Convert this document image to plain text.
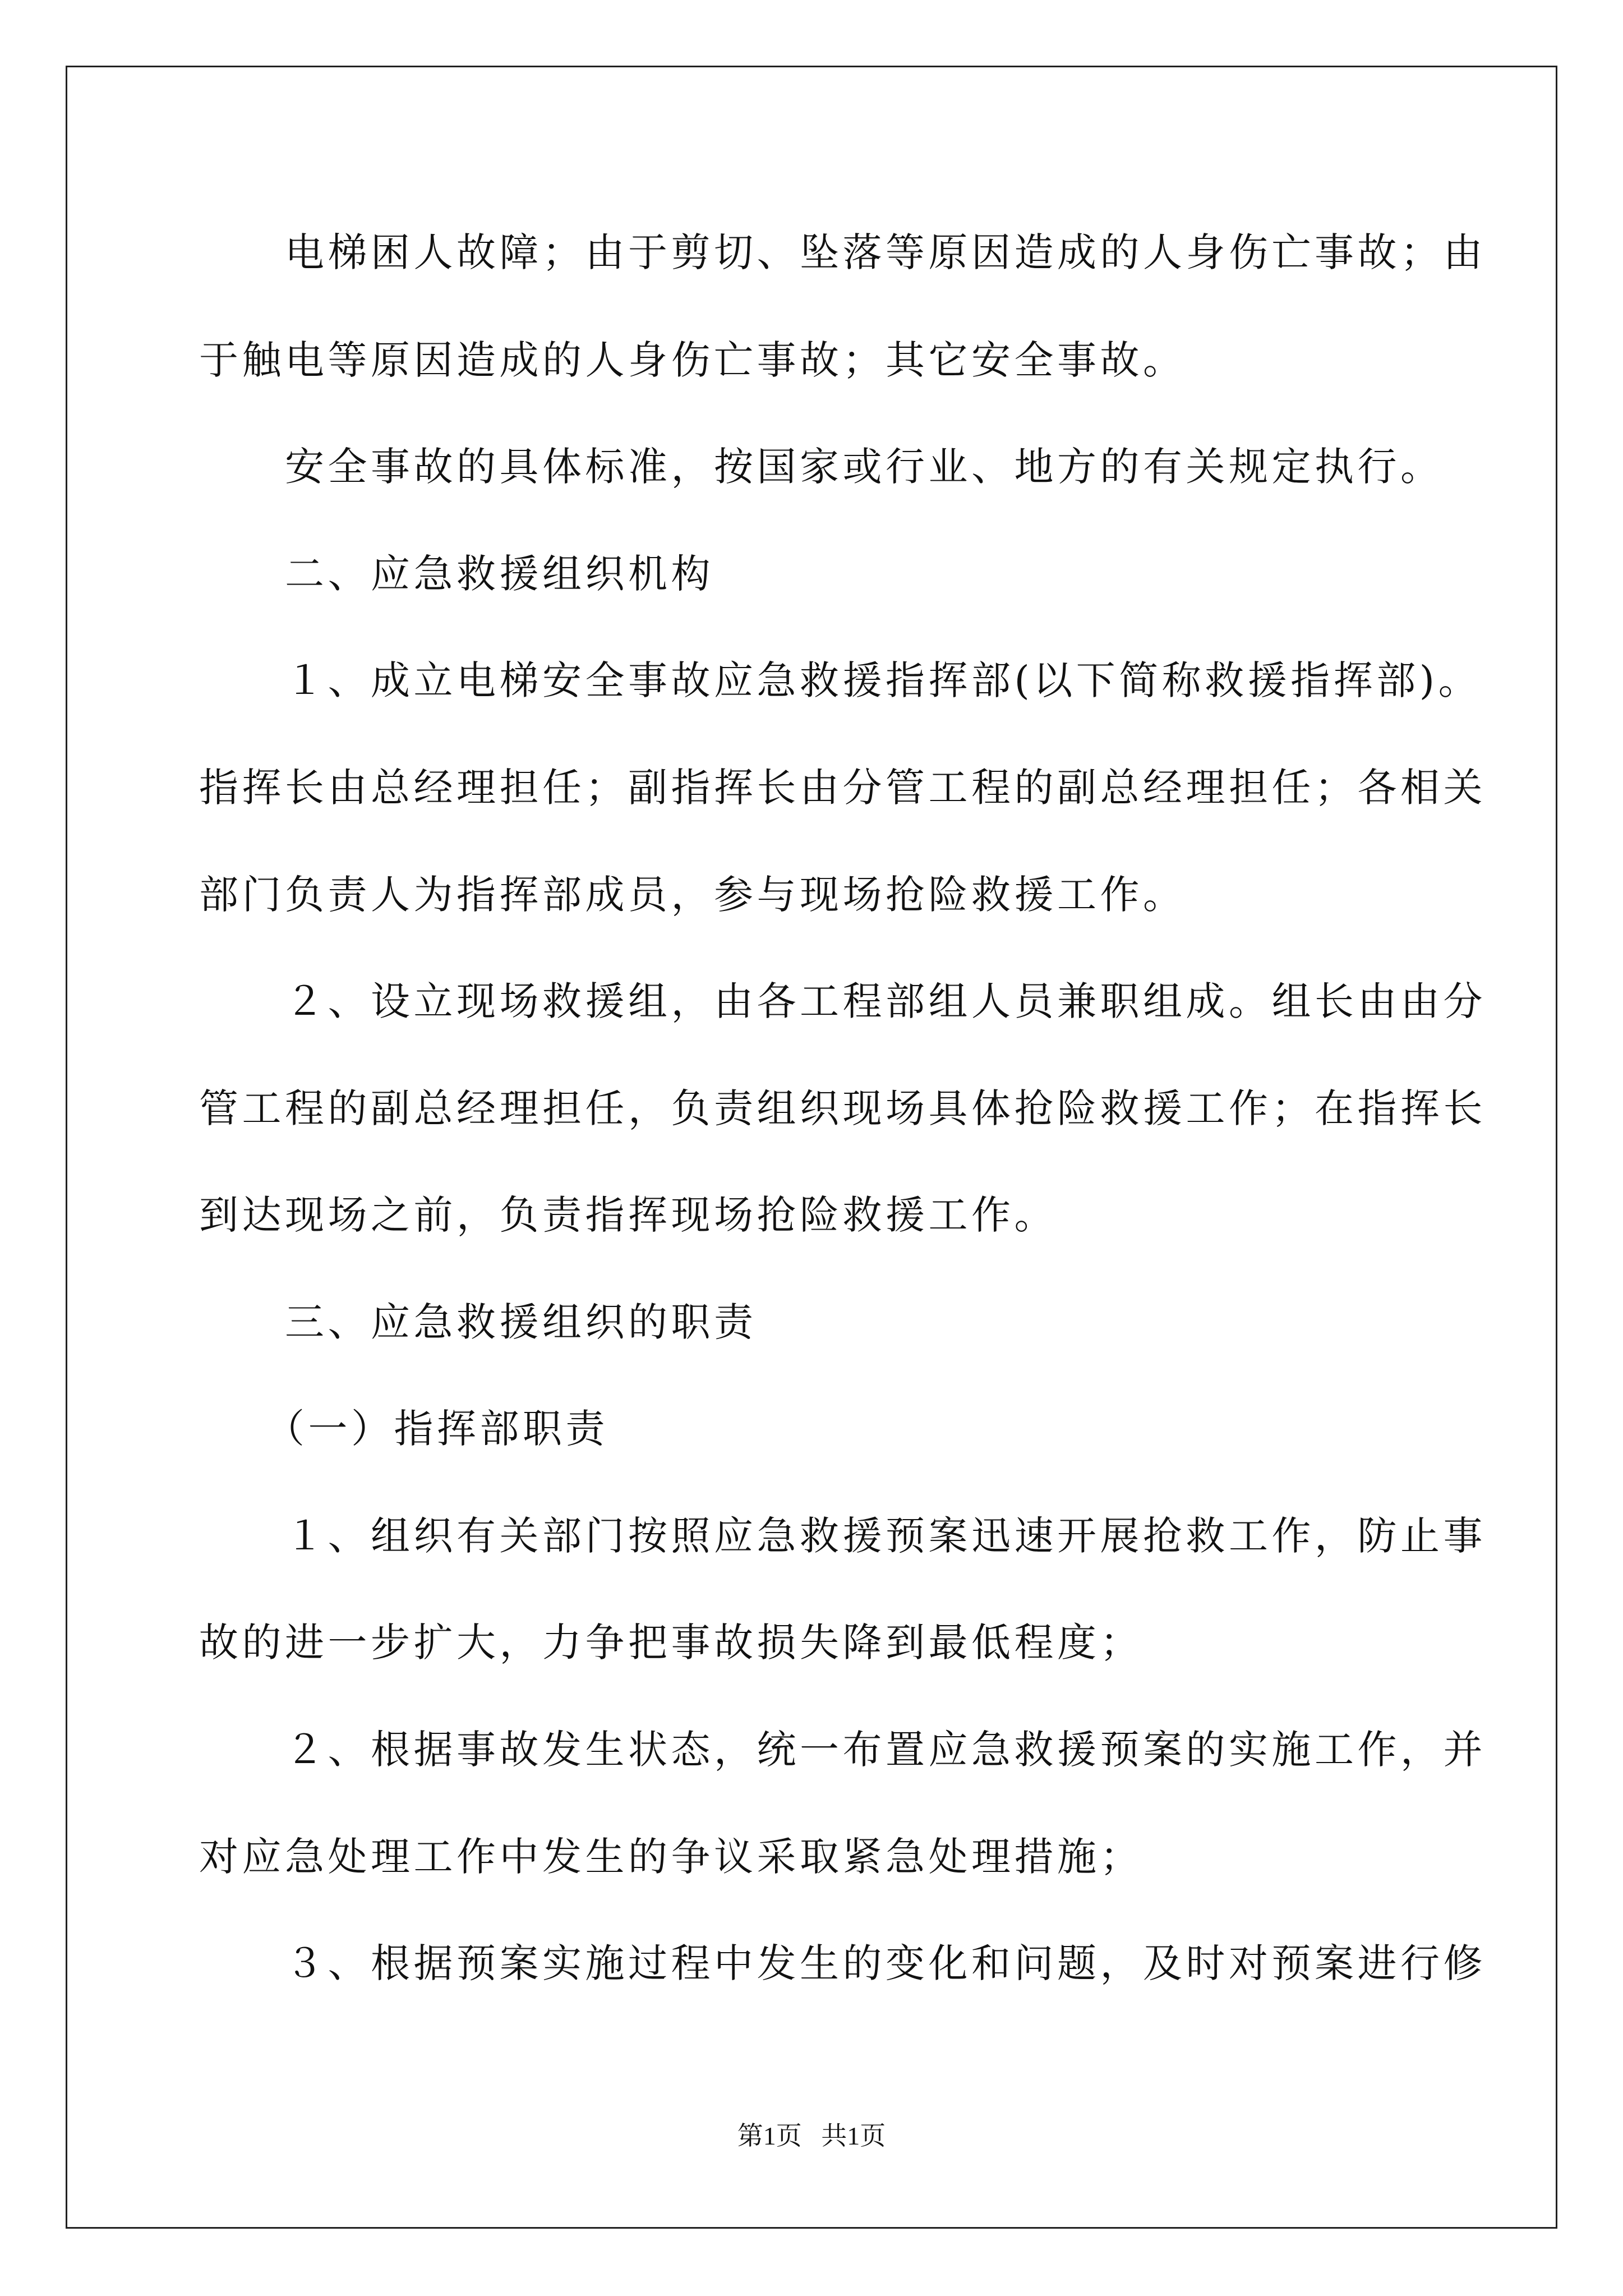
　　电梯困人故障；由于剪切、坠落等原因造成的人身伤亡事故；由
于触电等原因造成的人身伤亡事故；其它安全事故。
　　安全事故的具体标准，按国家或行业、地方的有关规定执行。
　　二、应急救援组织机构
　　１、成立电梯安全事故应急救援指挥部(以下简称救援指挥部)。
指挥长由总经理担任；副指挥长由分管工程的副总经理担任；各相关
部门负责人为指挥部成员，参与现场抢险救援工作。
　　２、设立现场救援组，由各工程部组人员兼职组成。组长由由分
管工程的副总经理担任，负责组织现场具体抢险救援工作；在指挥长
到达现场之前，负责指挥现场抢险救援工作。
　　三、应急救援组织的职责
　　（一）指挥部职责
　　１、组织有关部门按照应急救援预案迅速开展抢救工作，防止事
故的进一步扩大，力争把事故损失降到最低程度；
　　２、根据事故发生状态，统一布置应急救援预案的实施工作，并
对应急处理工作中发生的争议采取紧急处理措施；
　　３、根据预案实施过程中发生的变化和问题，及时对预案进行修
第1页   共1页
